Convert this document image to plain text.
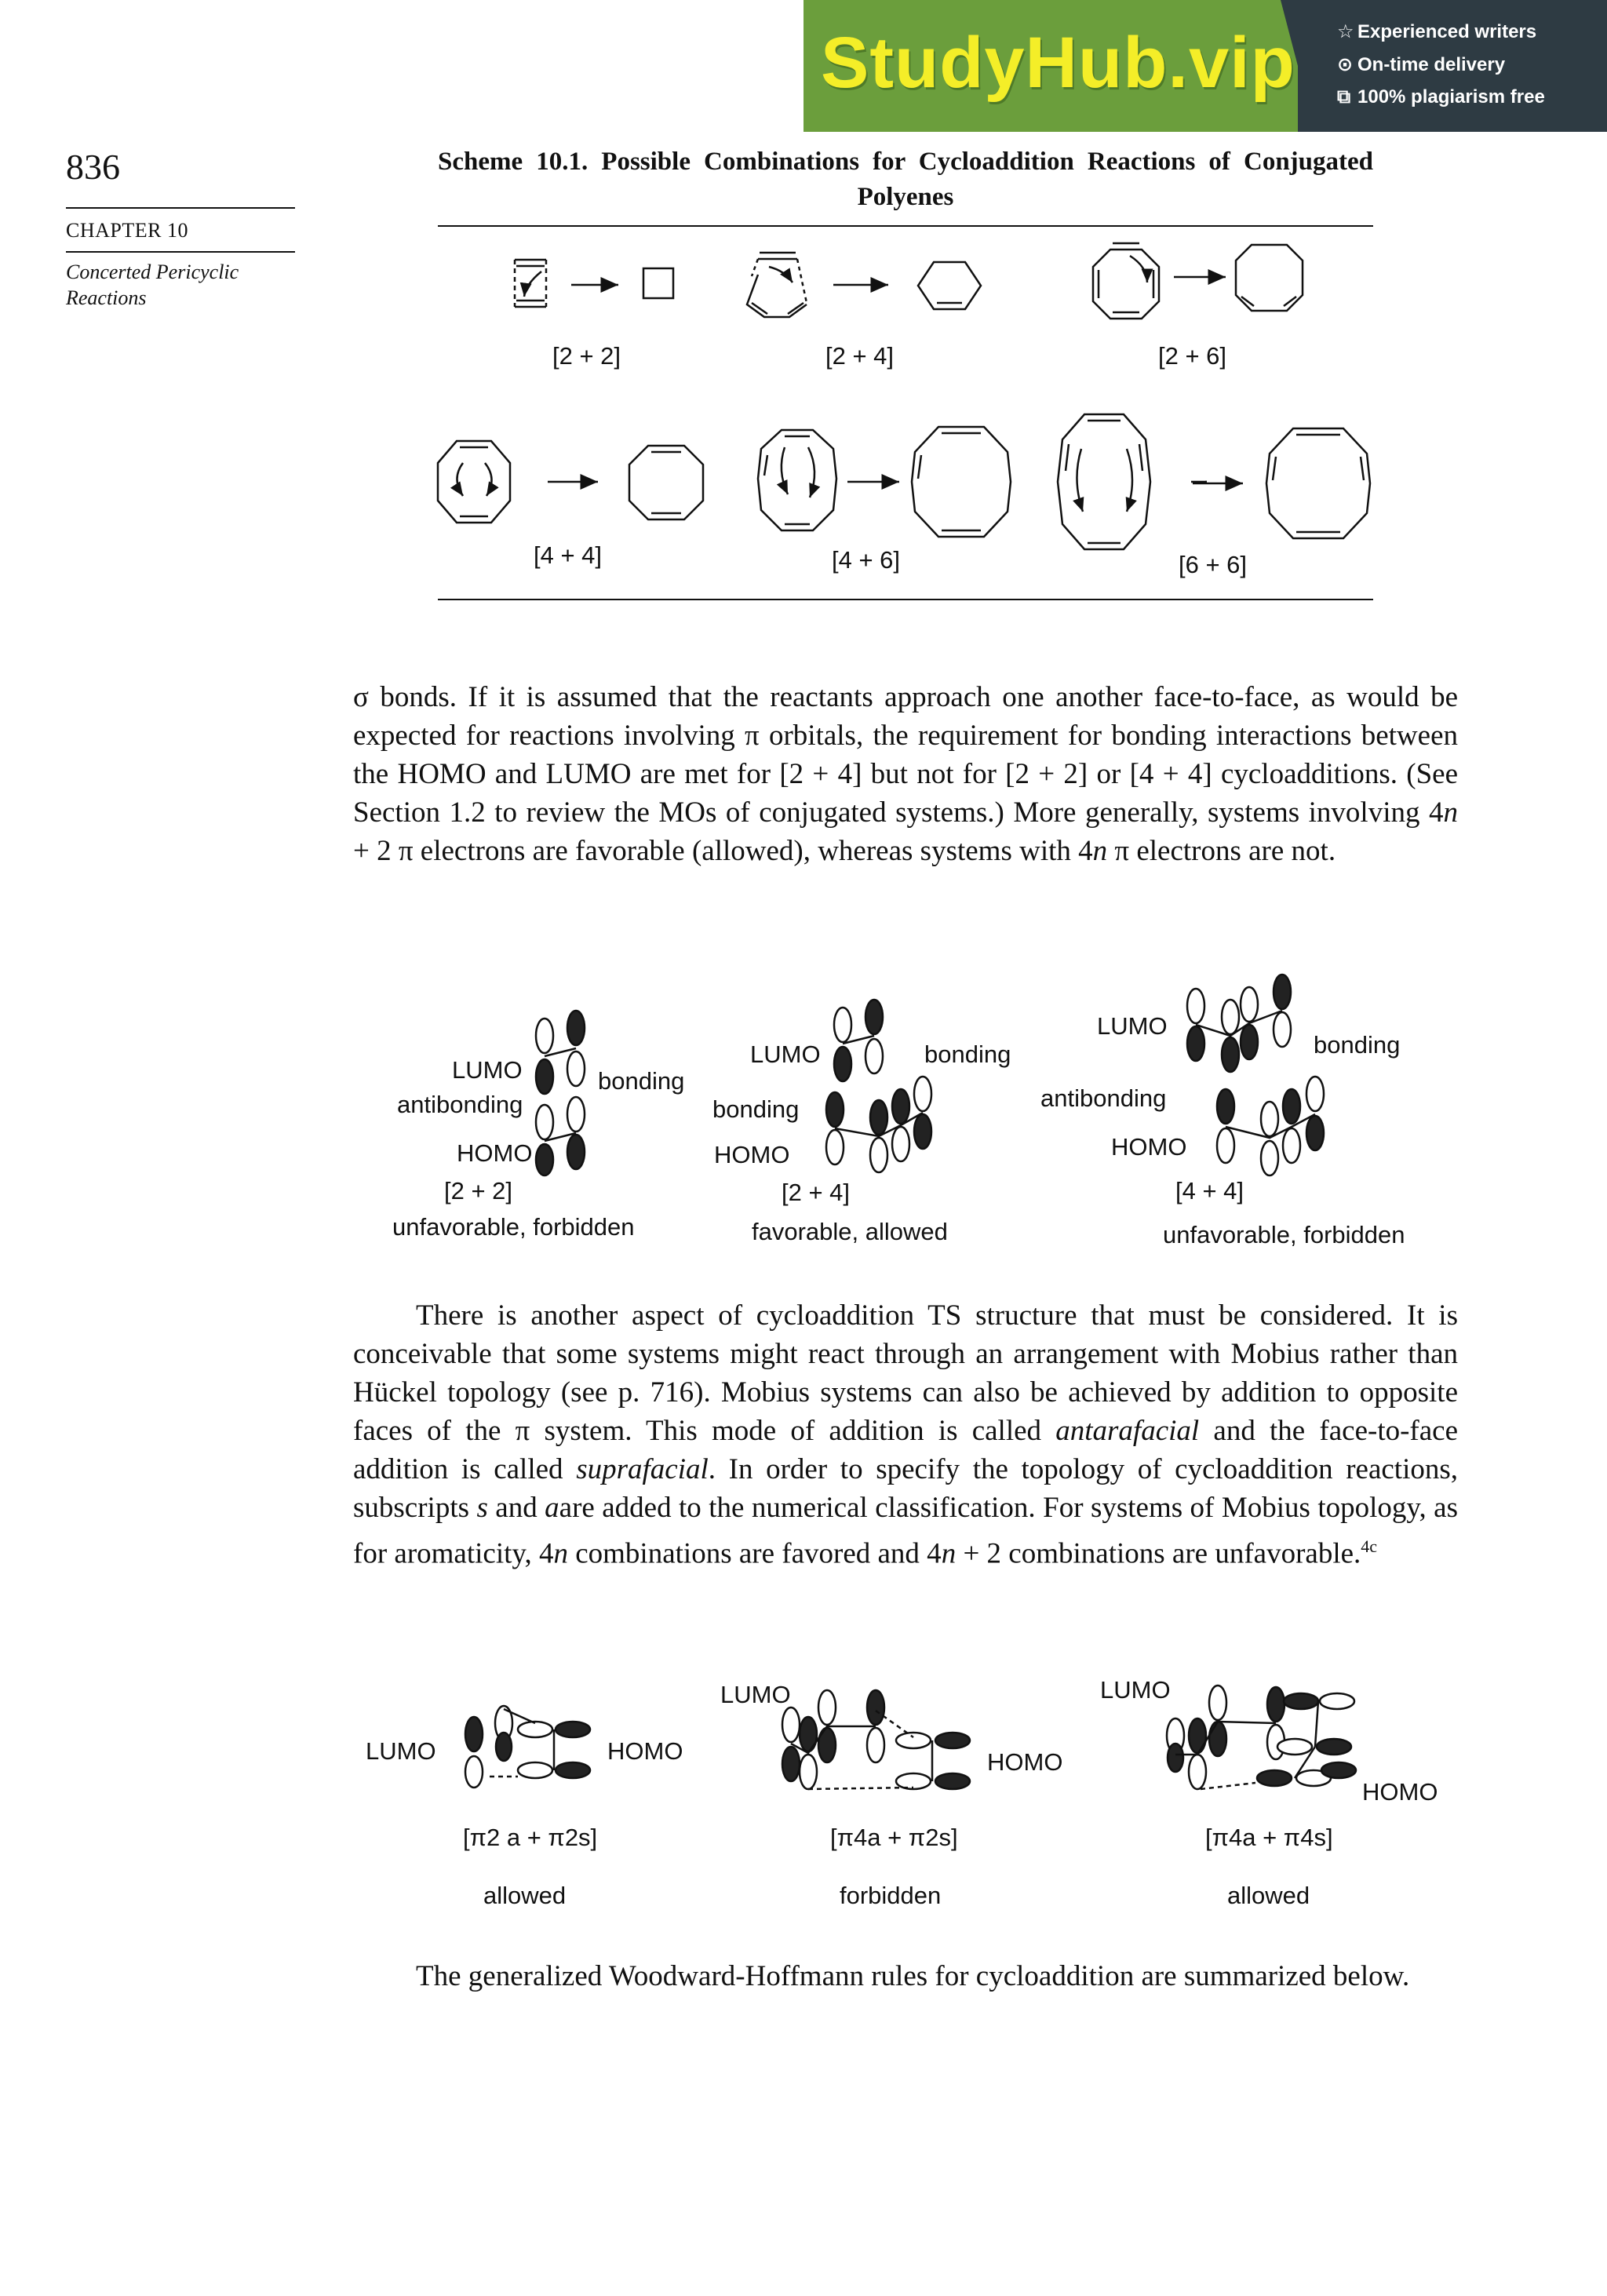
StudyHub.vip ☆ Experienced writers
⊙ On-time delivery
⧉ 100% plagiarism free
836
CHAPTER 10
Concerted Pericyclic Reactions
Scheme 10.1. Possible Combinations for Cycloaddition Reactions of Conjugated Polyenes
[2 + 2]	[2 + 4]	[2 + 6]
[4 + 4]	[4 + 6]	[6 + 6]

σ bonds. If it is assumed that the reactants approach one another face-to-face, as would be expected for reactions involving π orbitals, the requirement for bonding interactions between the HOMO and LUMO are met for [2 + 4] but not for [2 + 2] or [4 + 4] cycloadditions. (See Section 1.2 to review the MOs of conjugated systems.) More generally, systems involving 4n + 2 π electrons are favorable (allowed), whereas systems with 4n π electrons are not.

LUMO
antibonding
bonding
HOMO
[2 + 2]
unfavorable, forbidden
LUMO	bonding
bonding
HOMO
[2 + 4]
favorable, allowed
LUMO
bonding
antibonding
HOMO
[4 + 4]
unfavorable, forbidden

There is another aspect of cycloaddition TS structure that must be considered. It is conceivable that some systems might react through an arrangement with Mobius rather than Hückel topology (see p. 716). Mobius systems can also be achieved by addition to opposite faces of the π system. This mode of addition is called antarafacial and the face-to-face addition is called suprafacial. In order to specify the topology of cycloaddition reactions, subscripts s and aare added to the numerical classification. For systems of Mobius topology, as for aromaticity, 4n combinations are favored and 4n + 2 combinations are unfavorable.$^{4c}$

LUMO	HOMO
[π2 a + π2s]
allowed
LUMO
HOMO
[π4a + π2s]
forbidden
LUMO
HOMO
[π4a + π4s]
allowed

The generalized Woodward-Hoffmann rules for cycloaddition are summarized below.
